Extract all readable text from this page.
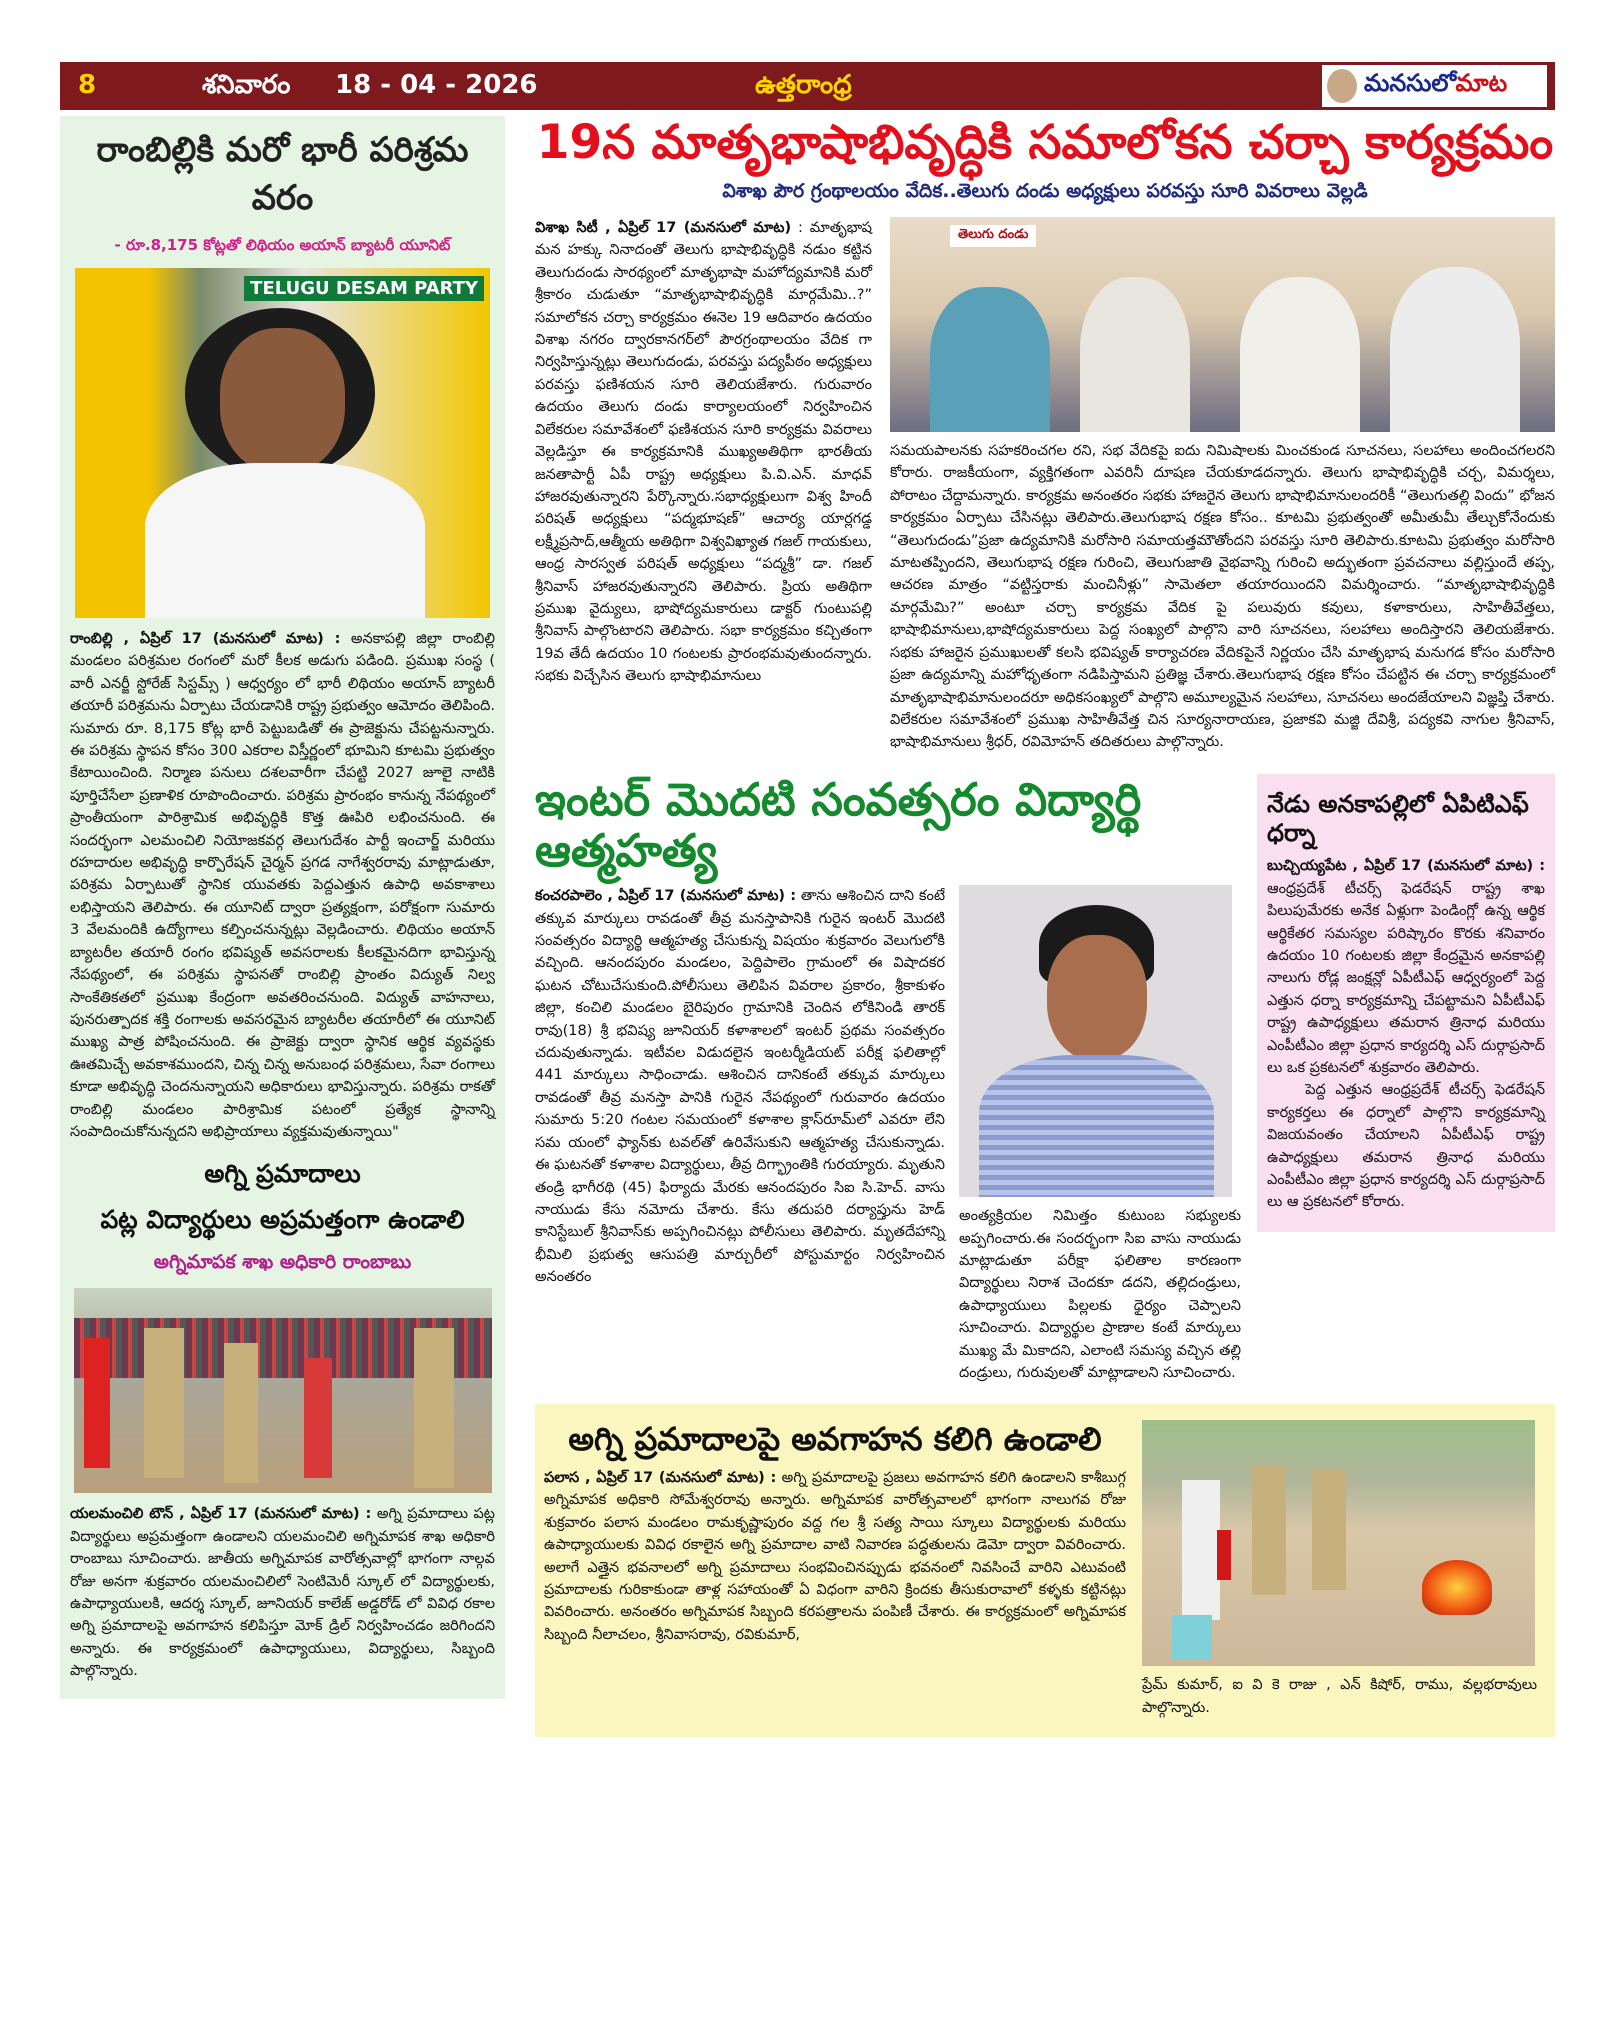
8	శనివారం 18 - 04 - 2026	ఉత్తరాంధ్ర	మనసులోమాట
రాంబిల్లికి మరో భారీ పరిశ్రమ వరం
- రూ.8,175 కోట్లతో లిథియం అయాన్ బ్యాటరీ యూనిట్
TELUGU DESAM PARTY
రాంబిల్లి , ఏప్రిల్ 17 (మనసులో మాట) : అనకాపల్లి జిల్లా రాంబిల్లి మండలం పరిశ్రమల రంగంలో మరో కీలక అడుగు పడింది. ప్రముఖ సంస్థ ( వారీ ఎనర్జీ స్టోరేజ్ సిస్టమ్స్ ) ఆధ్వర్యం లో భారీ లిథియం అయాన్ బ్యాటరీ తయారీ పరిశ్రమను ఏర్పాటు చేయడానికి రాష్ట్ర ప్రభుత్వం ఆమోదం తెలిపింది. సుమారు రూ. 8,175 కోట్ల భారీ పెట్టుబడితో ఈ ప్రాజెక్టును చేపట్టనున్నారు. ఈ పరిశ్రమ స్థాపన కోసం 300 ఎకరాల విస్తీర్ణంలో భూమిని కూటమి ప్రభుత్వం కేటాయించింది. నిర్మాణ పనులు దశలవారీగా చేపట్టి 2027 జూలై నాటికి పూర్తిచేసేలా ప్రణాళిక రూపొందించారు. పరిశ్రమ ప్రారంభం కానున్న నేపథ్యంలో ప్రాంతీయంగా పారిశ్రామిక అభివృద్ధికి కొత్త ఊపిరి లభించనుంది. ఈ సందర్భంగా ఎలమంచిలి నియోజకవర్గ తెలుగుదేశం పార్టీ ఇంచార్జ్ మరియు రహదారుల అభివృద్ధి కార్పొరేషన్ చైర్మన్ ప్రగడ నాగేశ్వరరావు మాట్లాడుతూ, పరిశ్రమ ఏర్పాటుతో స్థానిక యువతకు పెద్దఎత్తున ఉపాధి అవకాశాలు లభిస్తాయని తెలిపారు. ఈ యూనిట్ ద్వారా ప్రత్యక్షంగా, పరోక్షంగా సుమారు 3 వేలమందికి ఉద్యోగాలు కల్పించనున్నట్లు వెల్లడించారు. లిథియం అయాన్ బ్యాటరీల తయారీ రంగం భవిష్యత్ అవసరాలకు కీలకమైనదిగా భావిస్తున్న నేపథ్యంలో, ఈ పరిశ్రమ స్థాపనతో రాంబిల్లి ప్రాంతం విద్యుత్ నిల్వ సాంకేతికతలో ప్రముఖ కేంద్రంగా అవతరించనుంది. విద్యుత్ వాహనాలు, పునరుత్పాదక శక్తి రంగాలకు అవసరమైన బ్యాటరీల తయారీలో ఈ యూనిట్ ముఖ్య పాత్ర పోషించనుంది. ఈ ప్రాజెక్టు ద్వారా స్థానిక ఆర్థిక వ్యవస్థకు ఊతమిచ్చే అవకాశముందని, చిన్న చిన్న అనుబంధ పరిశ్రమలు, సేవా రంగాలు కూడా అభివృద్ధి చెందనున్నాయని అధికారులు భావిస్తున్నారు. పరిశ్రమ రాకతో రాంబిల్లి మండలం పారిశ్రామిక పటంలో ప్రత్యేక స్థానాన్ని సంపాదించుకోనున్నదని అభిప్రాయాలు వ్యక్తమవుతున్నాయి"
అగ్ని ప్రమాదాలు
పట్ల విద్యార్థులు అప్రమత్తంగా ఉండాలి
అగ్నిమాపక శాఖ అధికారి రాంబాబు
యలమంచిలి టౌన్ , ఏప్రిల్ 17 (మనసులో మాట) : అగ్ని ప్రమాదాలు పట్ల విద్యార్థులు అప్రమత్తంగా ఉండాలని యలమంచిలి అగ్నిమాపక శాఖ అధికారి రాంబాబు సూచించారు. జాతీయ అగ్నిమాపక వారోత్సవాల్లో భాగంగా నాల్గవ రోజు అనగా శుక్రవారం యలమంచిలిలో సెంటిమెరీ స్కూల్ లో విద్యార్థులకు, ఉపాధ్యాయులకి, ఆదర్శ స్కూల్, జూనియర్ కాలేజ్ అడ్డరోడ్ లో వివిధ రకాల అగ్ని ప్రమాదాలపై అవగాహన కలిపిస్తూ మోక్ డ్రిల్ నిర్వహించడం జరిగిందని అన్నారు. ఈ కార్యక్రమంలో ఉపాధ్యాయులు, విద్యార్థులు, సిబ్బంది పాల్గొన్నారు.
19న మాతృభాషాభివృద్ధికి సమాలోకన చర్చా కార్యక్రమం
విశాఖ పౌర గ్రంథాలయం వేదిక..తెలుగు దండు అధ్యక్షులు పరవస్తు సూరి వివరాలు వెల్లడి
విశాఖ సిటీ , ఏప్రిల్ 17 (మనసులో మాట) : మాతృభాష మన హక్కు నినాదంతో తెలుగు భాషాభివృద్ధికి నడుం కట్టిన తెలుగుదండు సారథ్యంలో మాతృభాషా మహోద్యమానికి మరో శ్రీకారం చుడుతూ “మాతృభాషాభివృద్ధికి మార్గమేమి..?” సమాలోకన చర్చా కార్యక్రమం ఈనెల 19 ఆదివారం ఉదయం విశాఖ నగరం ద్వారకానగర్‌లో పౌరగ్రంథాలయం వేదిక గా నిర్వహిస్తున్నట్లు తెలుగుదండు, పరవస్తు పద్యపీఠం అధ్యక్షులు పరవస్తు ఫణిశయన సూరి తెలియజేశారు. గురువారం ఉదయం తెలుగు దండు కార్యాలయంలో నిర్వహించిన విలేకరుల సమావేశంలో ఫణిశయన సూరి కార్యక్రమ వివరాలు వెల్లడిస్తూ ఈ కార్యక్రమానికి ముఖ్యఅతిథిగా భారతీయ జనతాపార్టీ ఏపీ రాష్ట్ర అధ్యక్షులు పి.వి.ఎన్. మాధవ్ హాజరవుతున్నారని పేర్కొన్నారు.సభాధ్యక్షులుగా విశ్వ హిందీ పరిషత్ అధ్యక్షులు “పద్మభూషణ్” ఆచార్య యార్లగడ్డ లక్ష్మీప్రసాద్,ఆత్మీయ అతిథిగా విశ్వవిఖ్యాత గజల్ గాయకులు, ఆంధ్ర సారస్వత పరిషత్ అధ్యక్షులు “పద్మశ్రీ” డా. గజల్ శ్రీనివాస్ హాజరవుతున్నారని తెలిపారు. ప్రియ అతిథిగా ప్రముఖ వైద్యులు, భాషోద్యమకారులు డాక్టర్ గుంటుపల్లి శ్రీనివాస్ పాల్గొంటారని తెలిపారు. సభా కార్యక్రమం కచ్చితంగా 19వ తేదీ ఉదయం 10 గంటలకు ప్రారంభమవుతుందన్నారు. సభకు విచ్చేసిన తెలుగు భాషాభిమానులు
తెలుగు దండు
సమయపాలనకు సహకరించగల రని, సభ వేదికపై ఐదు నిమిషాలకు మించకుండ సూచనలు, సలహాలు అందించగలరని కోరారు. రాజకీయంగా, వ్యక్తిగతంగా ఎవరినీ దూషణ చేయకూడదన్నారు. తెలుగు భాషాభివృద్ధికి చర్చ, విమర్శలు, పోరాటం చేద్దామన్నారు. కార్యక్రమ అనంతరం సభకు హాజరైన తెలుగు భాషాభిమానులందరికీ “తెలుగుతల్లి విందు” భోజన కార్యక్రమం ఏర్పాటు చేసినట్లు తెలిపారు.తెలుగుభాష రక్షణ కోసం.. కూటమి ప్రభుత్వంతో అమీతుమీ తేల్చుకోనేందుకు “తెలుగుదండు”ప్రజా ఉద్యమానికి మరోసారి సమాయత్తమౌతోందని పరవస్తు సూరి తెలిపారు.కూటమి ప్రభుత్వం మరోసారి మాటతప్పిందని, తెలుగుభాష రక్షణ గురించి, తెలుగుజాతి వైభవాన్ని గురించి అద్భుతంగా ప్రవచనాలు వల్లిస్తుందే తప్ప, ఆచరణ మాత్రం “వట్టిస్తరాకు మంచినీళ్లు” సామెతలా తయారయిందని విమర్శించారు. “మాతృభాషాభివృద్ధికి మార్గమేమి?” అంటూ చర్చా కార్యక్రమ వేదిక పై పలువురు కవులు, కళాకారులు, సాహితీవేత్తలు, భాషాభిమానులు,భాషోద్యమకారులు పెద్ద సంఖ్యలో పాల్గొని వారి సూచనలు, సలహాలు అందిస్తారని తెలియజేశారు. సభకు హాజరైన ప్రముఖులతో కలసి భవిష్యత్ కార్యాచరణ వేదికపైనే నిర్ణయం చేసి మాతృభాష మనుగడ కోసం మరోసారి ప్రజా ఉద్యమాన్ని మహోధృతంగా నడిపిస్తామని ప్రతిజ్ఞ చేశారు.తెలుగుభాష రక్షణ కోసం చేపట్టిన ఈ చర్చా కార్యక్రమంలో మాతృభాషాభిమానులందరూ అధికసంఖ్యలో పాల్గొని అమూల్యమైన సలహాలు, సూచనలు అందజేయాలని విజ్ఞప్తి చేశారు. విలేకరుల సమావేశంలో ప్రముఖ సాహితీవేత్త చిన సూర్యనారాయణ, ప్రజాకవి మజ్జి దేవిశ్రీ, పద్యకవి నాగుల శ్రీనివాస్, భాషాభిమానులు శ్రీధర్, రవిమోహన్ తదితరులు పాల్గొన్నారు.
ఇంటర్ మొదటి సంవత్సరం విద్యార్థి ఆత్మహత్య
కంచరపాలెం , ఏప్రిల్ 17 (మనసులో మాట) : తాను ఆశించిన దాని కంటే తక్కువ మార్కులు రావడంతో తీవ్ర మనస్తాపానికి గురైన ఇంటర్ మొదటి సంవత్సరం విద్యార్థి ఆత్మహత్య చేసుకున్న విషయం శుక్రవారం వెలుగులోకి వచ్చింది. ఆనందపురం మండలం, పెద్దిపాలెం గ్రామంలో ఈ విషాదకర ఘటన చోటుచేసుకుంది.పోలీసులు తెలిపిన వివరాల ప్రకారం, శ్రీకాకుళం జిల్లా, కంచిలి మండలం బైరిపురం గ్రామానికి చెందిన లోకినిండి తారక్ రావు(18) శ్రీ భవిష్య జూనియర్ కళాశాలలో ఇంటర్ ప్రథమ సంవత్సరం చదువుతున్నాడు. ఇటీవల విడుదలైన ఇంటర్మీడియట్ పరీక్ష ఫలితాల్లో 441 మార్కులు సాధించాడు. ఆశించిన దానికంటే తక్కువ మార్కులు రావడంతో తీవ్ర మనస్తా పానికి గురైన నేపథ్యంలో గురువారం ఉదయం సుమారు 5:20 గంటల సమయంలో కళాశాల క్లాస్‌రూమ్‌లో ఎవరూ లేని సమ యంలో ఫ్యాన్‌కు టవల్‌తో ఉరివేసుకుని ఆత్మహత్య చేసుకున్నాడు. ఈ ఘటనతో కళాశాల విద్యార్థులు, తీవ్ర దిగ్భ్రాంతికి గురయ్యారు. మృతుని తండ్రి భాగీరథి (45) ఫిర్యాదు మేరకు ఆనందపురం సిఐ సి.హెచ్. వాసు నాయుడు కేసు నమోదు చేశారు. కేసు తదుపరి దర్యాప్తును హెడ్ కానిస్టేబుల్ శ్రీనివాస్‌కు అప్పగించినట్లు పోలీసులు తెలిపారు. మృతదేహాన్ని భీమిలి ప్రభుత్వ ఆసుపత్రి మార్చురీలో పోస్టుమార్టం నిర్వహించిన అనంతరం
అంత్యక్రియల నిమిత్తం కుటుంబ సభ్యులకు అప్పగించారు.ఈ సందర్భంగా సిఐ వాసు నాయుడు మాట్లాడుతూ పరీక్షా ఫలితాల కారణంగా విద్యార్థులు నిరాశ చెందకూ డదని, తల్లిదండ్రులు, ఉపాధ్యాయులు పిల్లలకు ధైర్యం చెప్పాలని సూచించారు. విద్యార్థుల ప్రాణాల కంటే మార్కులు ముఖ్య మే మికాదని, ఎలాంటి సమస్య వచ్చిన తల్లి దండ్రులు, గురువులతో మాట్లాడాలని సూచించారు.
నేడు అనకాపల్లిలో ఏపిటిఎఫ్ ధర్నా
బుచ్చియ్యపేట , ఏప్రిల్ 17 (మనసులో మాట) : ఆంధ్రప్రదేశ్ టీచర్స్ ఫెడరేషన్ రాష్ట్ర శాఖ పిలుపుమేరకు అనేక ఏళ్లుగా పెండింగ్లో ఉన్న ఆర్థిక ఆర్థికేతర సమస్యల పరిష్కారం కొరకు శనివారం ఉదయం 10 గంటలకు జిల్లా కేంద్రమైన అనకాపల్లి నాలుగు రోడ్ల జంక్షన్లో ఏపీటీఎఫ్ ఆధ్వర్యంలో పెద్ద ఎత్తున ధర్నా కార్యక్రమాన్ని చేపట్టామని ఏపీటీఎఫ్ రాష్ట్ర ఉపాధ్యక్షులు తమరాన త్రినాధ మరియు ఎంపీటీఎం జిల్లా ప్రధాన కార్యదర్శి ఎస్ దుర్గాప్రసాద్ లు ఒక ప్రకటనలో శుక్రవారం తెలిపారు.
పెద్ద ఎత్తున ఆంధ్రప్రదేశ్ టీచర్స్ ఫెడరేషన్ కార్యకర్తలు ఈ ధర్నాలో పాల్గొని కార్యక్రమాన్ని విజయవంతం చేయాలని ఏపీటీఎఫ్ రాష్ట్ర ఉపాధ్యక్షులు తమరాన త్రినాధ మరియు ఎంపీటీఎం జిల్లా ప్రధాన కార్యదర్శి ఎస్ దుర్గాప్రసాద్ లు ఆ ప్రకటనలో కోరారు.
అగ్ని ప్రమాదాలపై అవగాహన కలిగి ఉండాలి
పలాస , ఏప్రిల్ 17 (మనసులో మాట) : అగ్ని ప్రమాదాలపై ప్రజలు అవగాహన కలిగి ఉండాలని కాశీబుగ్గ అగ్నిమాపక అధికారి సోమేశ్వరరావు అన్నారు. అగ్నిమాపక వారోత్సవాలలో భాగంగా నాలుగవ రోజు శుక్రవారం పలాస మండలం రామకృష్ణాపురం వద్ద గల శ్రీ సత్య సాయి స్కూలు విద్యార్థులకు మరియు ఉపాధ్యాయులకు వివిధ రకాలైన అగ్ని ప్రమాదాల వాటి నివారణ పద్ధతులను డెమో ద్వారా వివరించారు. అలాగే ఎత్తైన భవనాలలో అగ్ని ప్రమాదాలు సంభవించినప్పుడు భవనంలో నివసించే వారిని ఎటువంటి ప్రమాదాలకు గురికాకుండా తాళ్ల సహాయంతో ఏ విధంగా వారిని క్రిందకు తీసుకురావాలో కళ్ళకు కట్టినట్లు వివరించారు. అనంతరం అగ్నిమాపక సిబ్బంది కరపత్రాలను పంపిణీ చేశారు. ఈ కార్యక్రమంలో అగ్నిమాపక సిబ్బంది నీలాచలం, శ్రీనివాసరావు, రవికుమార్,
ప్రేమ్ కుమార్, ఐ వి కె రాజు , ఎన్ కిషోర్, రాము, వల్లభరావులు పాల్గొన్నారు.
